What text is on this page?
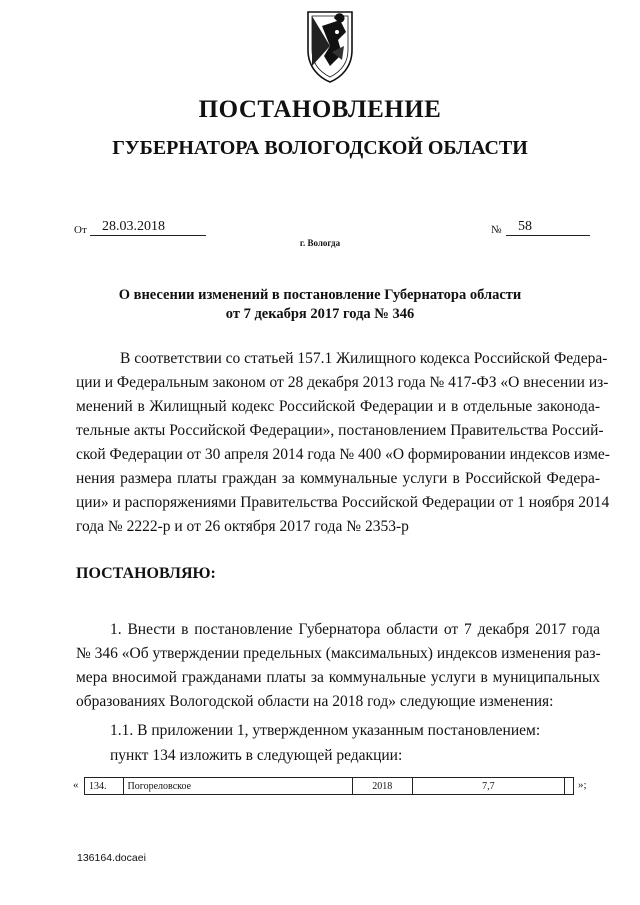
ПОСТАНОВЛЕНИЕ
ГУБЕРНАТОРА ВОЛОГОДСКОЙ ОБЛАСТИ
От	28.03.2018	№	58
г. Вологда
О внесении изменений в постановление Губернатора области
от 7 декабря 2017 года № 346
В соответствии со статьей 157.1 Жилищного кодекса Российской Федера-
ции и Федеральным законом от 28 декабря 2013 года № 417-ФЗ «О внесении из-
менений в Жилищный кодекс Российской Федерации и в отдельные законода-
тельные акты Российской Федерации», постановлением Правительства Россий-
ской Федерации от 30 апреля 2014 года № 400 «О формировании индексов изме-
нения размера платы граждан за коммунальные услуги в Российской Федера-
ции» и распоряжениями Правительства Российской Федерации от 1 ноября 2014
года № 2222-р и от 26 октября 2017 года № 2353-р
ПОСТАНОВЛЯЮ:
1. Внести в постановление Губернатора области от 7 декабря 2017 года
№ 346 «Об утверждении предельных (максимальных) индексов изменения раз-
мера вносимой гражданами платы за коммунальные услуги в муниципальных
образованиях Вологодской области на 2018 год» следующие изменения:
1.1. В приложении 1, утвержденном указанным постановлением:
пункт 134 изложить в следующей редакции:
« 134.	Погореловское	2018	7,7		»;
136164.docaei
